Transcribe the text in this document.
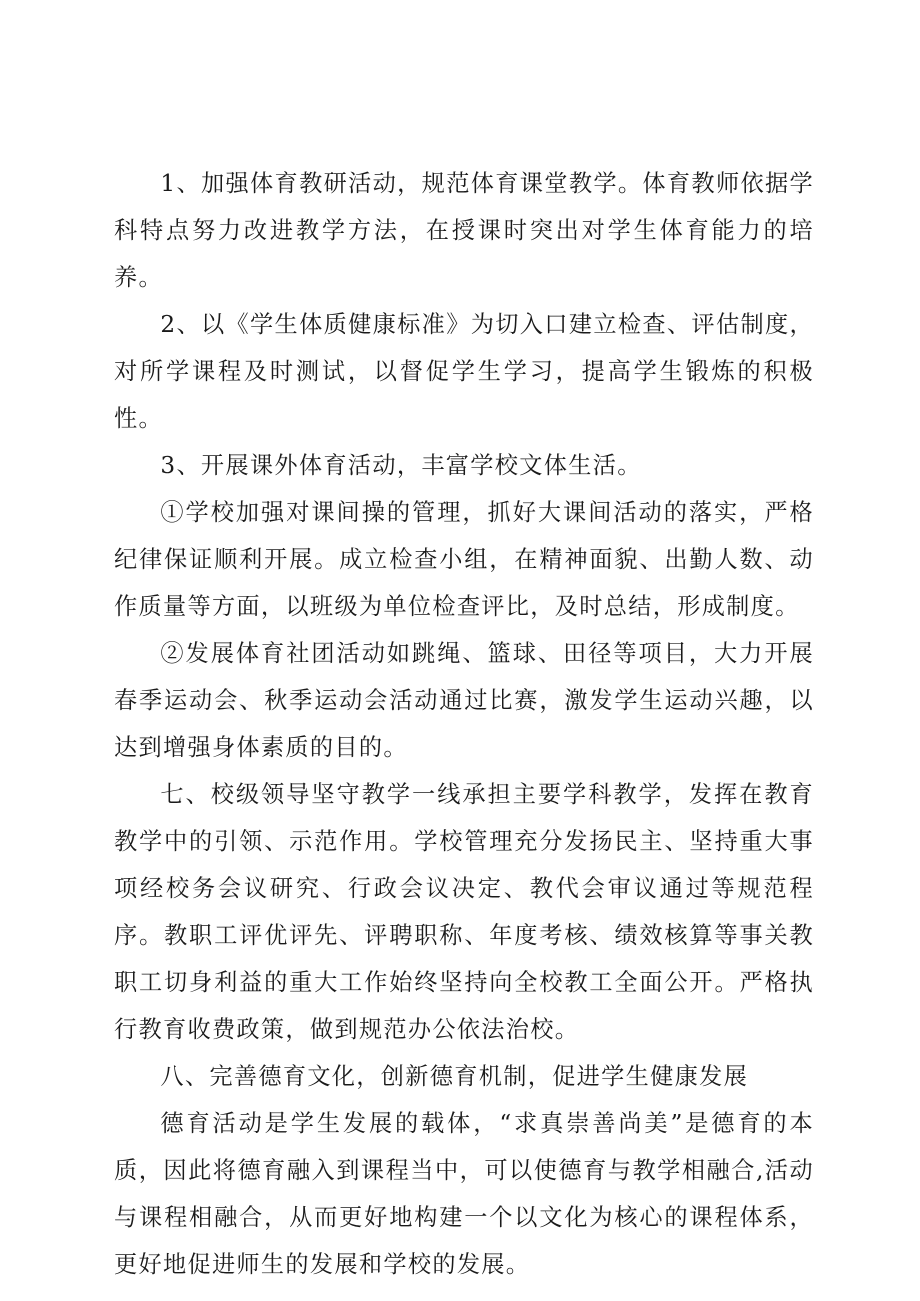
1、加强体育教研活动，规范体育课堂教学。体育教师依据学科特点努力改进教学方法，在授课时突出对学生体育能力的培养。

2、以《学生体质健康标准》为切入口建立检查、评估制度，对所学课程及时测试，以督促学生学习，提高学生锻炼的积极性。

3、开展课外体育活动，丰富学校文体生活。

①学校加强对课间操的管理，抓好大课间活动的落实，严格纪律保证顺利开展。成立检查小组，在精神面貌、出勤人数、动作质量等方面，以班级为单位检查评比，及时总结，形成制度。

②发展体育社团活动如跳绳、篮球、田径等项目，大力开展春季运动会、秋季运动会活动通过比赛，激发学生运动兴趣，以达到增强身体素质的目的。

七、校级领导坚守教学一线承担主要学科教学，发挥在教育教学中的引领、示范作用。学校管理充分发扬民主、坚持重大事项经校务会议研究、行政会议决定、教代会审议通过等规范程序。教职工评优评先、评聘职称、年度考核、绩效核算等事关教职工切身利益的重大工作始终坚持向全校教工全面公开。严格执行教育收费政策，做到规范办公依法治校。

八、完善德育文化，创新德育机制，促进学生健康发展

德育活动是学生发展的载体，“求真崇善尚美”是德育的本质，因此将德育融入到课程当中，可以使德育与教学相融合,活动与课程相融合，从而更好地构建一个以文化为核心的课程体系，更好地促进师生的发展和学校的发展。
